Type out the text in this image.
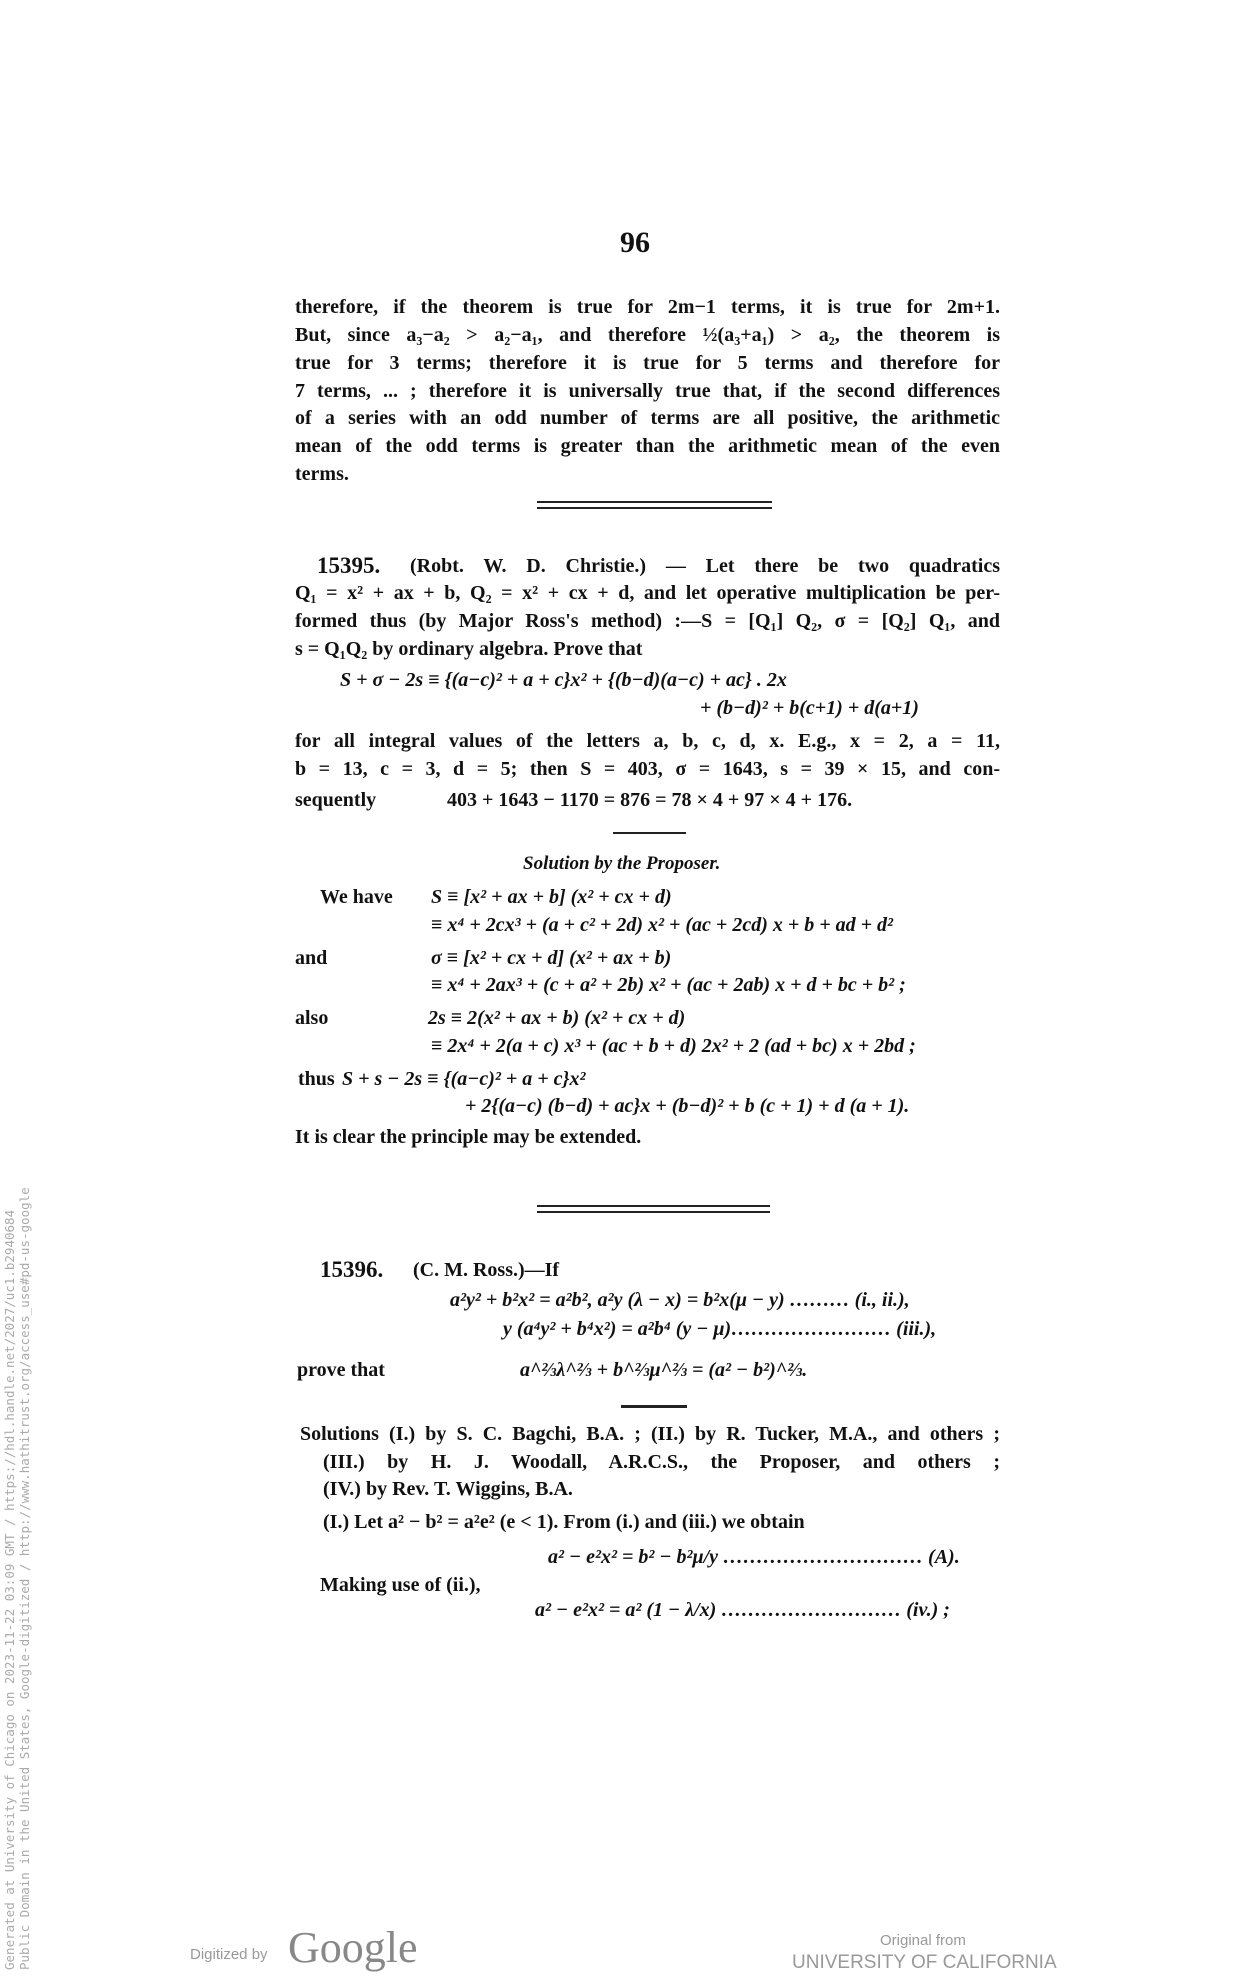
96
therefore, if the theorem is true for 2m−1 terms, it is true for 2m+1.
But, since a₃−a₂ > a₂−a₁, and therefore ½(a₃+a₁) > a₂, the theorem is
true for 3 terms; therefore it is true for 5 terms and therefore for
7 terms, ... ; therefore it is universally true that, if the second differences
of a series with an odd number of terms are all positive, the arithmetic
mean of the odd terms is greater than the arithmetic mean of the even
terms.
15395. (Robt. W. D. Christie.) — Let there be two quadratics
Q₁ = x² + ax + b, Q₂ = x² + cx + d, and let operative multiplication be per-
formed thus (by Major Ross's method) :—S = [Q₁] Q₂, σ = [Q₂] Q₁, and
s = Q₁Q₂ by ordinary algebra. Prove that
S + σ − 2s ≡ {(a−c)² + a + c}x² + {(b−d)(a−c) + ac} . 2x
+ (b−d)² + b(c+1) + d(a+1)
for all integral values of the letters a, b, c, d, x. E.g., x = 2, a = 11,
b = 13, c = 3, d = 5; then S = 403, σ = 1643, s = 39 × 15, and con-
sequently	403 + 1643 − 1170 = 876 = 78 × 4 + 97 × 4 + 176.
Solution by the Proposer.
We have S ≡ [x² + ax + b] (x² + cx + d)
≡ x⁴ + 2cx³ + (a + c² + 2d) x² + (ac + 2cd) x + b + ad + d²
and	σ ≡ [x² + cx + d] (x² + ax + b)
≡ x⁴ + 2ax³ + (c + a² + 2b) x² + (ac + 2ab) x + d + bc + b² ;
also	2s ≡ 2(x² + ax + b) (x² + cx + d)
≡ 2x⁴ + 2(a + c) x³ + (ac + b + d) 2x² + 2 (ad + bc) x + 2bd ;
thus S + s − 2s ≡ {(a−c)² + a + c}x²
+ 2{(a−c) (b−d) + ac}x + (b−d)² + b (c + 1) + d (a + 1).
It is clear the principle may be extended.
15396. (C. M. Ross.)—If
a²y² + b²x² = a²b², a²y (λ − x) = b²x(μ − y) ……… (i., ii.),
y (a⁴y² + b⁴x²) = a²b⁴ (y − μ)…………………… (iii.),
prove that	a^⅔λ^⅔ + b^⅔μ^⅔ = (a² − b²)^⅔.
Solutions (I.) by S. C. Bagchi, B.A. ; (II.) by R. Tucker, M.A., and others ;
(III.) by H. J. Woodall, A.R.C.S., the Proposer, and others ;
(IV.) by Rev. T. Wiggins, B.A.
(I.) Let a² − b² = a²e² (e < 1). From (i.) and (iii.) we obtain
a² − e²x² = b² − b²μ/y ………………………… (A).
Making use of (ii.),
a² − e²x² = a² (1 − λ/x) ……………………… (iv.) ;
Generated at University of Chicago on 2023-11-22 03:09 GMT / https://hdl.handle.net/2027/uc1.b2940684 Public Domain in the United States, Google-digitized / http://www.hathitrust.org/access_use#pd-us-google	Digitized by Google	Original from
UNIVERSITY OF CALIFORNIA
